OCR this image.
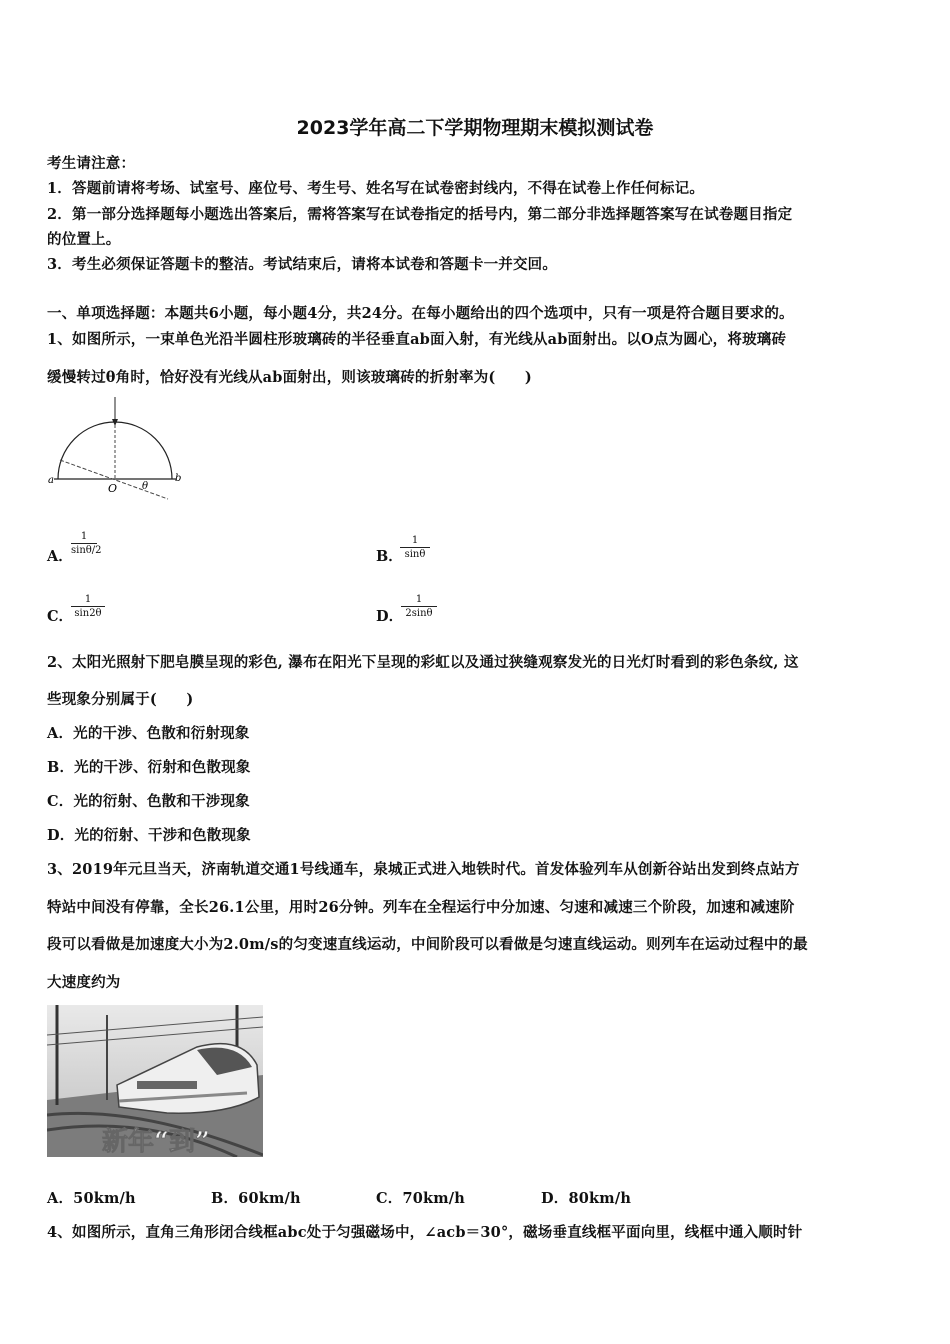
2023学年高二下学期物理期末模拟测试卷
考生请注意：
1．答题前请将考场、试室号、座位号、考生号、姓名写在试卷密封线内，不得在试卷上作任何标记。
2．第一部分选择题每小题选出答案后，需将答案写在试卷指定的括号内，第二部分非选择题答案写在试卷题目指定
的位置上。
3．考生必须保证答题卡的整洁。考试结束后，请将本试卷和答题卡一并交回。
一、单项选择题：本题共6小题，每小题4分，共24分。在每小题给出的四个选项中，只有一项是符合题目要求的。
1、如图所示，一束单色光沿半圆柱形玻璃砖的半径垂直ab面入射，有光线从ab面射出。以O点为圆心，将玻璃砖
缓慢转过θ角时，恰好没有光线从ab面射出，则该玻璃砖的折射率为(　　)
a	b
O θ
A．
1
sinθ/2	B．
1
sinθ
C．
1
sin2θ	D．
1
2sinθ
2、太阳光照射下肥皂膜呈现的彩色, 瀑布在阳光下呈现的彩虹以及通过狭缝观察发光的日光灯时看到的彩色条纹, 这
些现象分别属于(　　)
A．光的干涉、色散和衍射现象
B．光的干涉、衍射和色散现象
C．光的衍射、色散和干涉现象
D．光的衍射、干涉和色散现象
3、2019年元旦当天，济南轨道交通1号线通车，泉城正式进入地铁时代。首发体验列车从创新谷站出发到终点站方
特站中间没有停靠，全长26.1公里，用时26分钟。列车在全程运行中分加速、匀速和减速三个阶段，加速和减速阶
段可以看做是加速度大小为2.0m/s的匀变速直线运动，中间阶段可以看做是匀速直线运动。则列车在运动过程中的最
大速度约为
新年“到”
A．50km/h	B．60km/h	C．70km/h	D．80km/h
4、如图所示，直角三角形闭合线框abc处于匀强磁场中，∠acb＝30°，磁场垂直线框平面向里，线框中通入顺时针
